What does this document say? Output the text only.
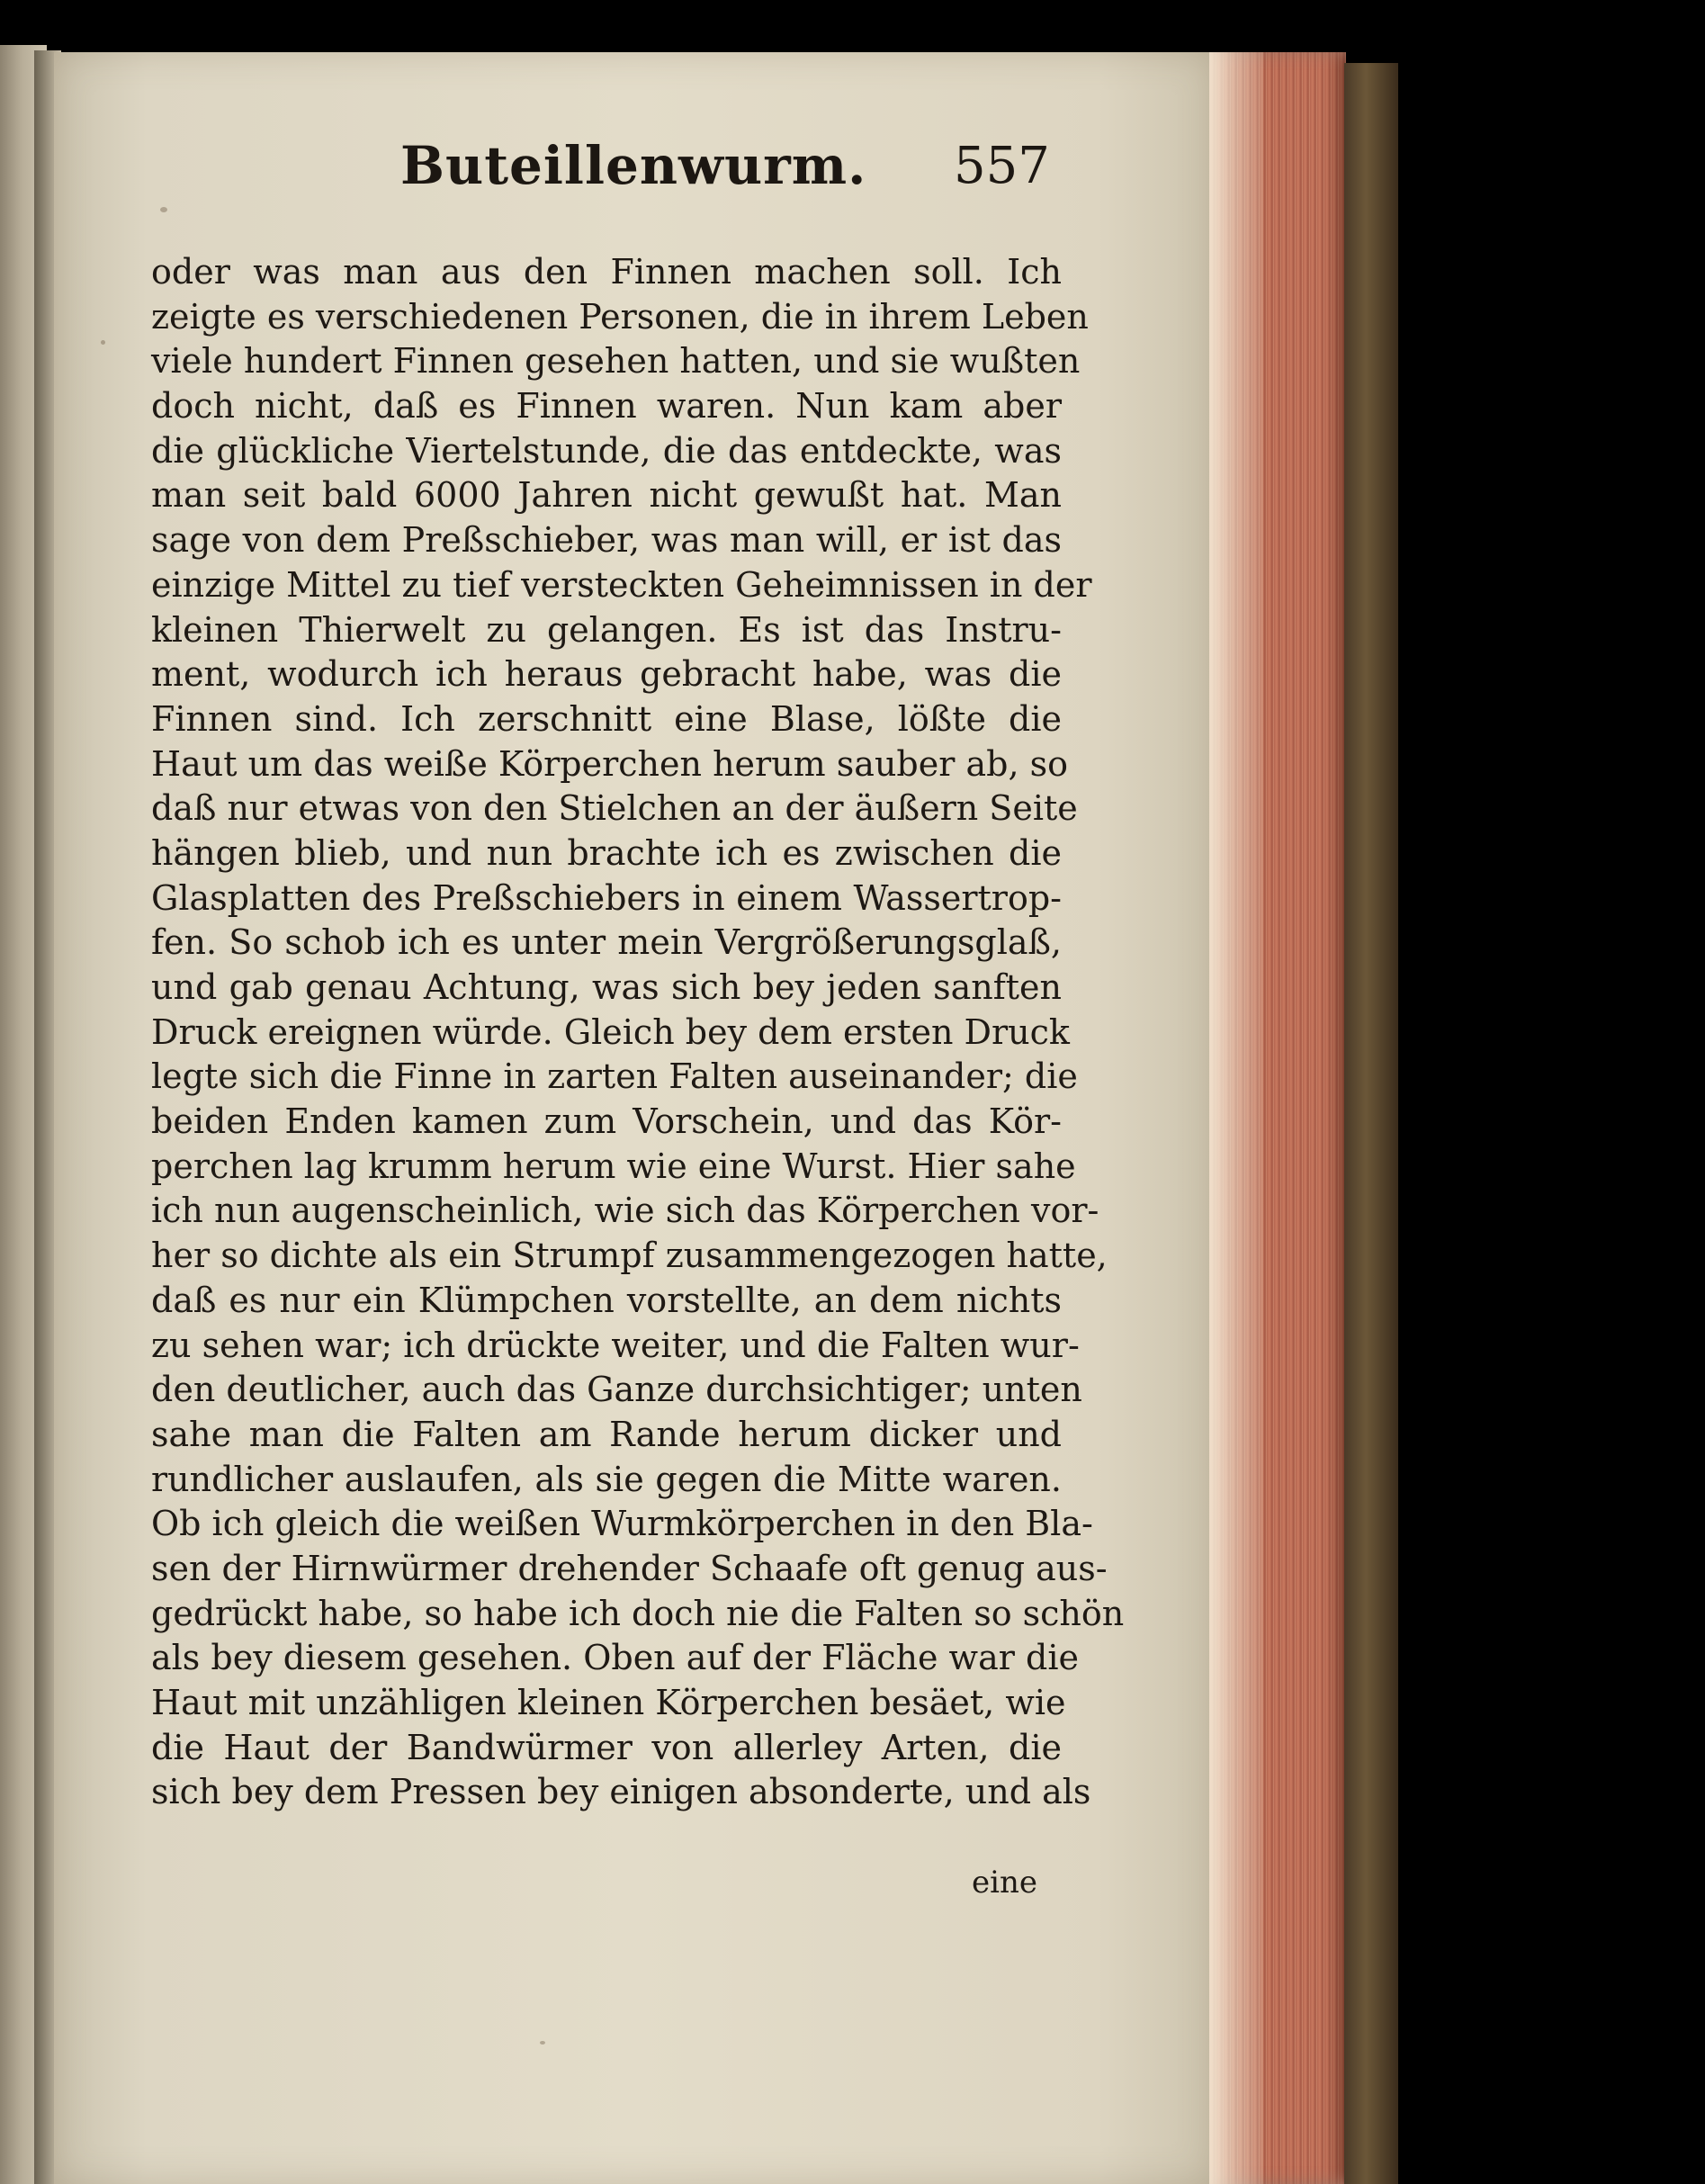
Buteillenwurm. 557
oder was man aus den Finnen machen soll. Ich
zeigte es verschiedenen Personen, die in ihrem Leben
viele hundert Finnen gesehen hatten, und sie wußten
doch nicht, daß es Finnen waren. Nun kam aber
die glückliche Viertelstunde, die das entdeckte, was
man seit bald 6000 Jahren nicht gewußt hat. Man
sage von dem Preßschieber, was man will, er ist das
einzige Mittel zu tief versteckten Geheimnissen in der
kleinen Thierwelt zu gelangen. Es ist das Instru-
ment, wodurch ich heraus gebracht habe, was die
Finnen sind. Ich zerschnitt eine Blase, lößte die
Haut um das weiße Körperchen herum sauber ab, so
daß nur etwas von den Stielchen an der äußern Seite
hängen blieb, und nun brachte ich es zwischen die
Glasplatten des Preßschiebers in einem Wassertrop-
fen. So schob ich es unter mein Vergrößerungsglaß,
und gab genau Achtung, was sich bey jeden sanften
Druck ereignen würde. Gleich bey dem ersten Druck
legte sich die Finne in zarten Falten auseinander; die
beiden Enden kamen zum Vorschein, und das Kör-
perchen lag krumm herum wie eine Wurst. Hier sahe
ich nun augenscheinlich, wie sich das Körperchen vor-
her so dichte als ein Strumpf zusammengezogen hatte,
daß es nur ein Klümpchen vorstellte, an dem nichts
zu sehen war; ich drückte weiter, und die Falten wur-
den deutlicher, auch das Ganze durchsichtiger; unten
sahe man die Falten am Rande herum dicker und
rundlicher auslaufen, als sie gegen die Mitte waren.
Ob ich gleich die weißen Wurmkörperchen in den Bla-
sen der Hirnwürmer drehender Schaafe oft genug aus-
gedrückt habe, so habe ich doch nie die Falten so schön
als bey diesem gesehen. Oben auf der Fläche war die
Haut mit unzähligen kleinen Körperchen besäet, wie
die Haut der Bandwürmer von allerley Arten, die
sich bey dem Pressen bey einigen absonderte, und als
eine
